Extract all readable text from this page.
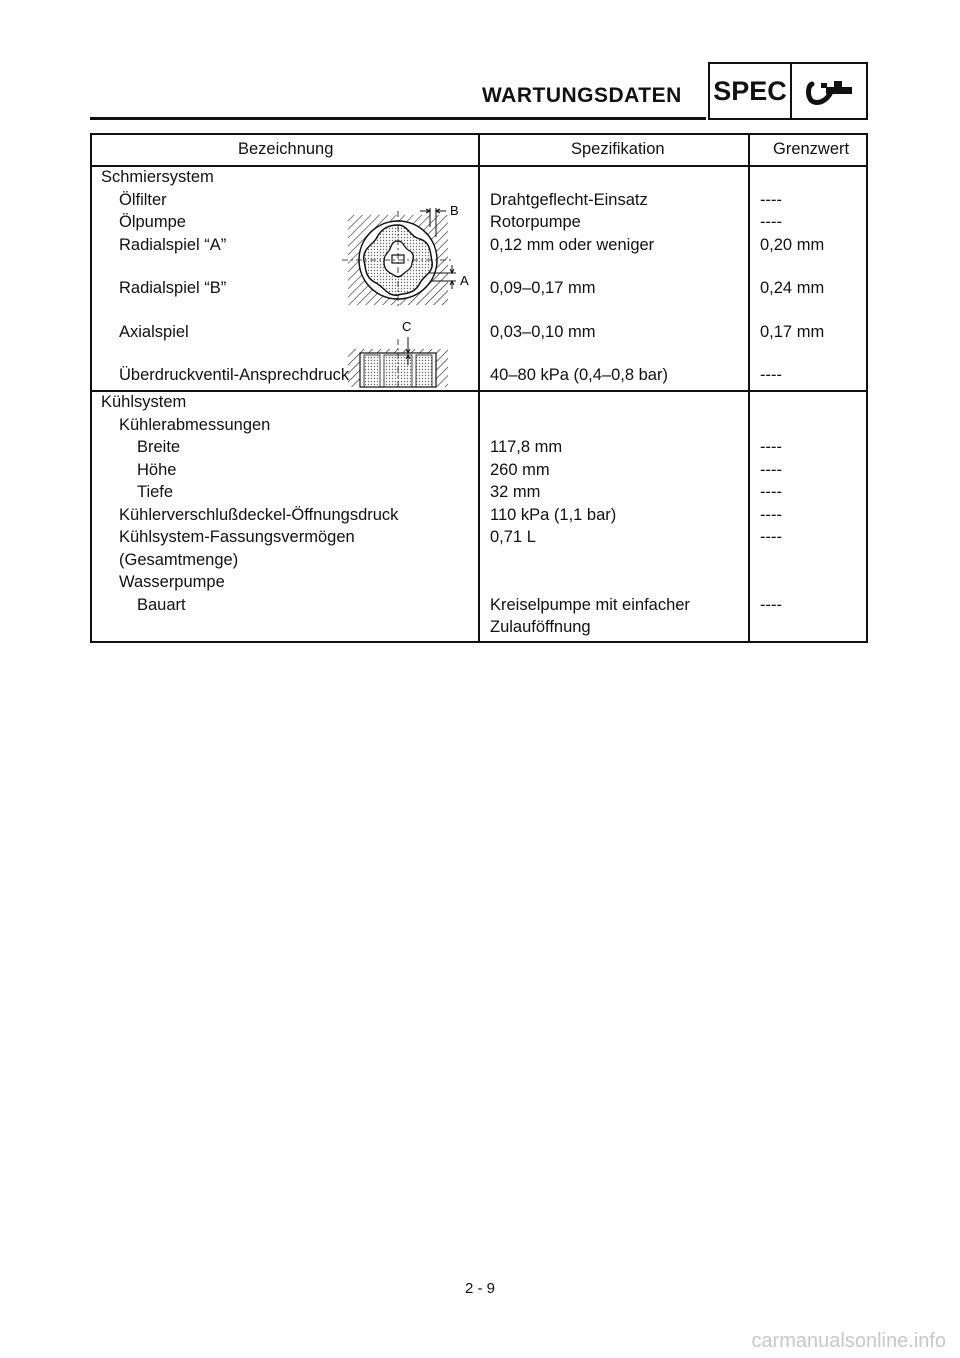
WARTUNGSDATEN SPEC
Bezeichnung	Spezifikation	Grenzwert
B
A
C
Schmiersystem
Ölfilter	Drahtgeflecht-Einsatz	----
Ölpumpe	Rotorpumpe	----
Radialspiel “A”	0,12 mm oder weniger	0,20 mm
Radialspiel “B”	0,09–0,17 mm	0,24 mm
Axialspiel	0,03–0,10 mm	0,17 mm
Überdruckventil-Ansprechdruck	40–80 kPa (0,4–0,8 bar)	----
Kühlsystem
Kühlerabmessungen
Breite	117,8 mm	----
Höhe	260 mm	----
Tiefe	32 mm	----
Kühlerverschlußdeckel-Öffnungsdruck	110 kPa (1,1 bar)	----
Kühlsystem-Fassungsvermögen	0,71 L	----
(Gesamtmenge)
Wasserpumpe
Bauart	Kreiselpumpe mit einfacher	----
Zulauföffnung
2 - 9
carmanualsonline.info
